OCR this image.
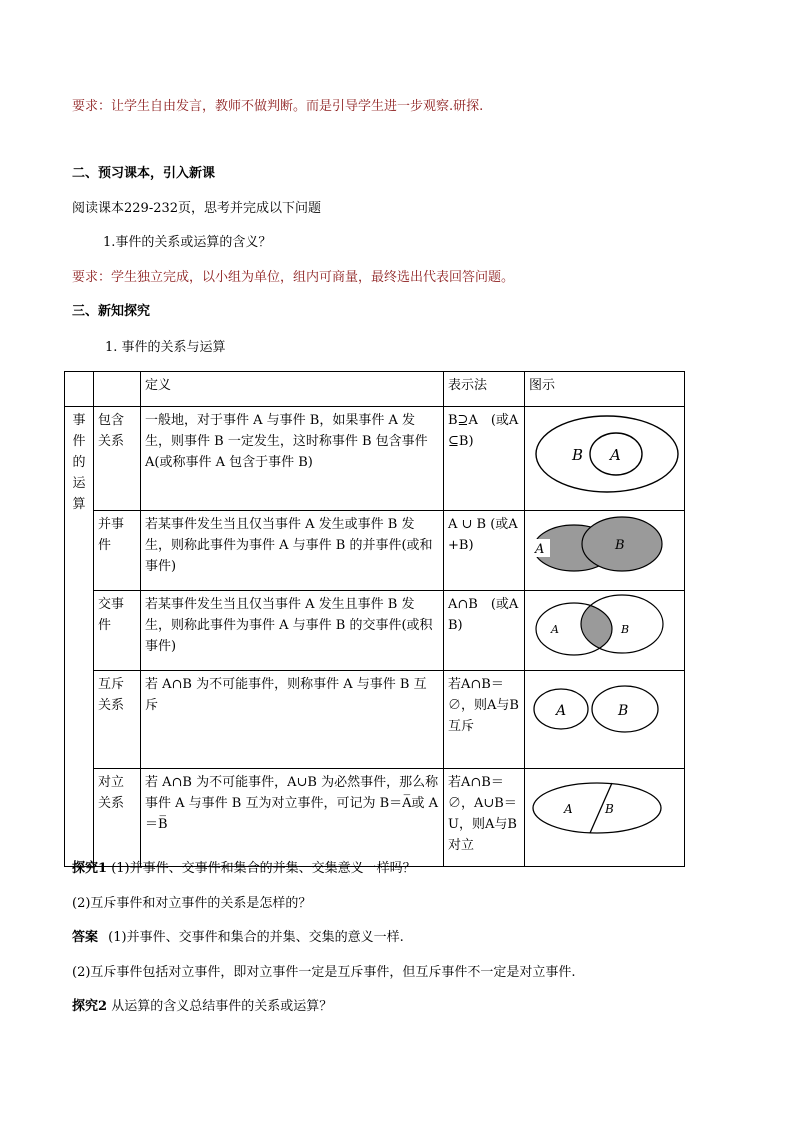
要求：让学生自由发言，教师不做判断。而是引导学生进一步观察.研探.
二、预习课本，引入新课
阅读课本229-232页，思考并完成以下问题
1.事件的关系或运算的含义？
要求：学生独立完成，以小组为单位，组内可商量，最终选出代表回答问题。
三、新知探究
1. 事件的关系与运算
		定义	表示法	图示
事件的运算	包含关系	一般地，对于事件 A 与事件 B，如果事件 A 发生，则事件 B 一定发生，这时称事件 B 包含事件 A(或称事件 A 包含于事件 B)	B⊇A　(或A⊆B)	B A

	并事件	若某事件发生当且仅当事件 A 发生或事件 B 发生，则称此事件为事件 A 与事件 B 的并事件(或和事件)	A ∪ B (或A+B)	A B

	交事件	若某事件发生当且仅当事件 A 发生且事件 B 发生，则称此事件为事件 A 与事件 B 的交事件(或积事件)	A∩B　(或AB)	A B

	互斥关系	若 A∩B 为不可能事件，则称事件 A 与事件 B 互斥	若A∩B＝∅，则A与B互斥	A B

	对立关系	若 A∩B 为不可能事件，A∪B 为必然事件，那么称事件 A 与事件 B 互为对立事件，可记为 B＝A̅或 A＝B̅	若A∩B＝∅，A∪B＝U，则A与B对立	A B
探究1 (1)并事件、交事件和集合的并集、交集意义一样吗？
(2)互斥事件和对立事件的关系是怎样的？
答案 (1)并事件、交事件和集合的并集、交集的意义一样.
(2)互斥事件包括对立事件，即对立事件一定是互斥事件，但互斥事件不一定是对立事件.
探究2 从运算的含义总结事件的关系或运算？
